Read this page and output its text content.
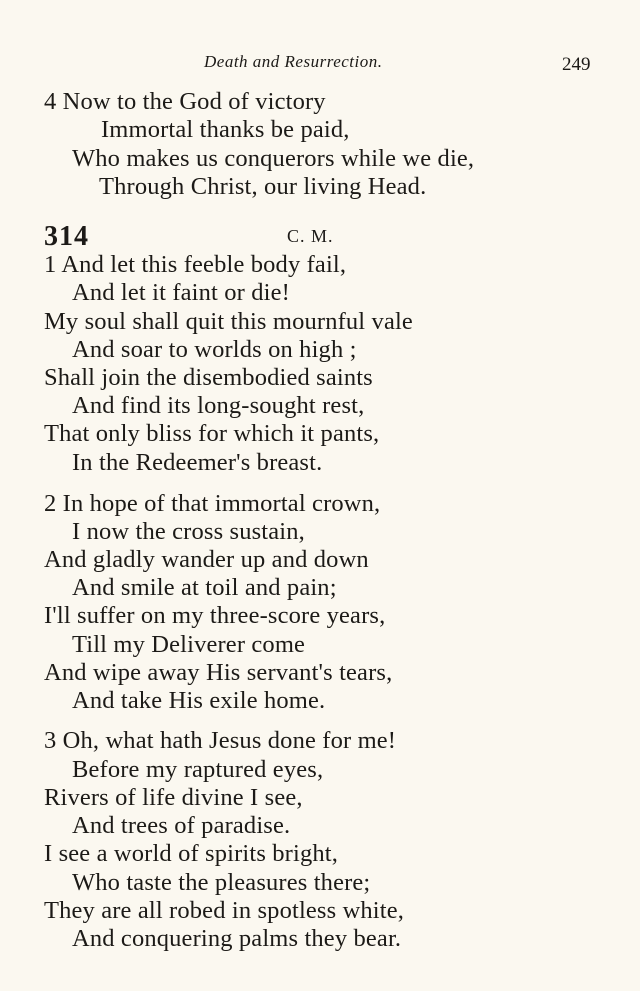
Death and Resurrection.	249
4 Now to the God of victory
Immortal thanks be paid,
Who makes us conquerors while we die,
Through Christ, our living Head.
314	C. M.
1 And let this feeble body fail,
And let it faint or die!
My soul shall quit this mournful vale
And soar to worlds on high ;
Shall join the disembodied saints
And find its long-sought rest,
That only bliss for which it pants,
In the Redeemer's breast.
2 In hope of that immortal crown,
I now the cross sustain,
And gladly wander up and down
And smile at toil and pain;
I'll suffer on my three-score years,
Till my Deliverer come
And wipe away His servant's tears,
And take His exile home.
3 Oh, what hath Jesus done for me!
Before my raptured eyes,
Rivers of life divine I see,
And trees of paradise.
I see a world of spirits bright,
Who taste the pleasures there;
They are all robed in spotless white,
And conquering palms they bear.
